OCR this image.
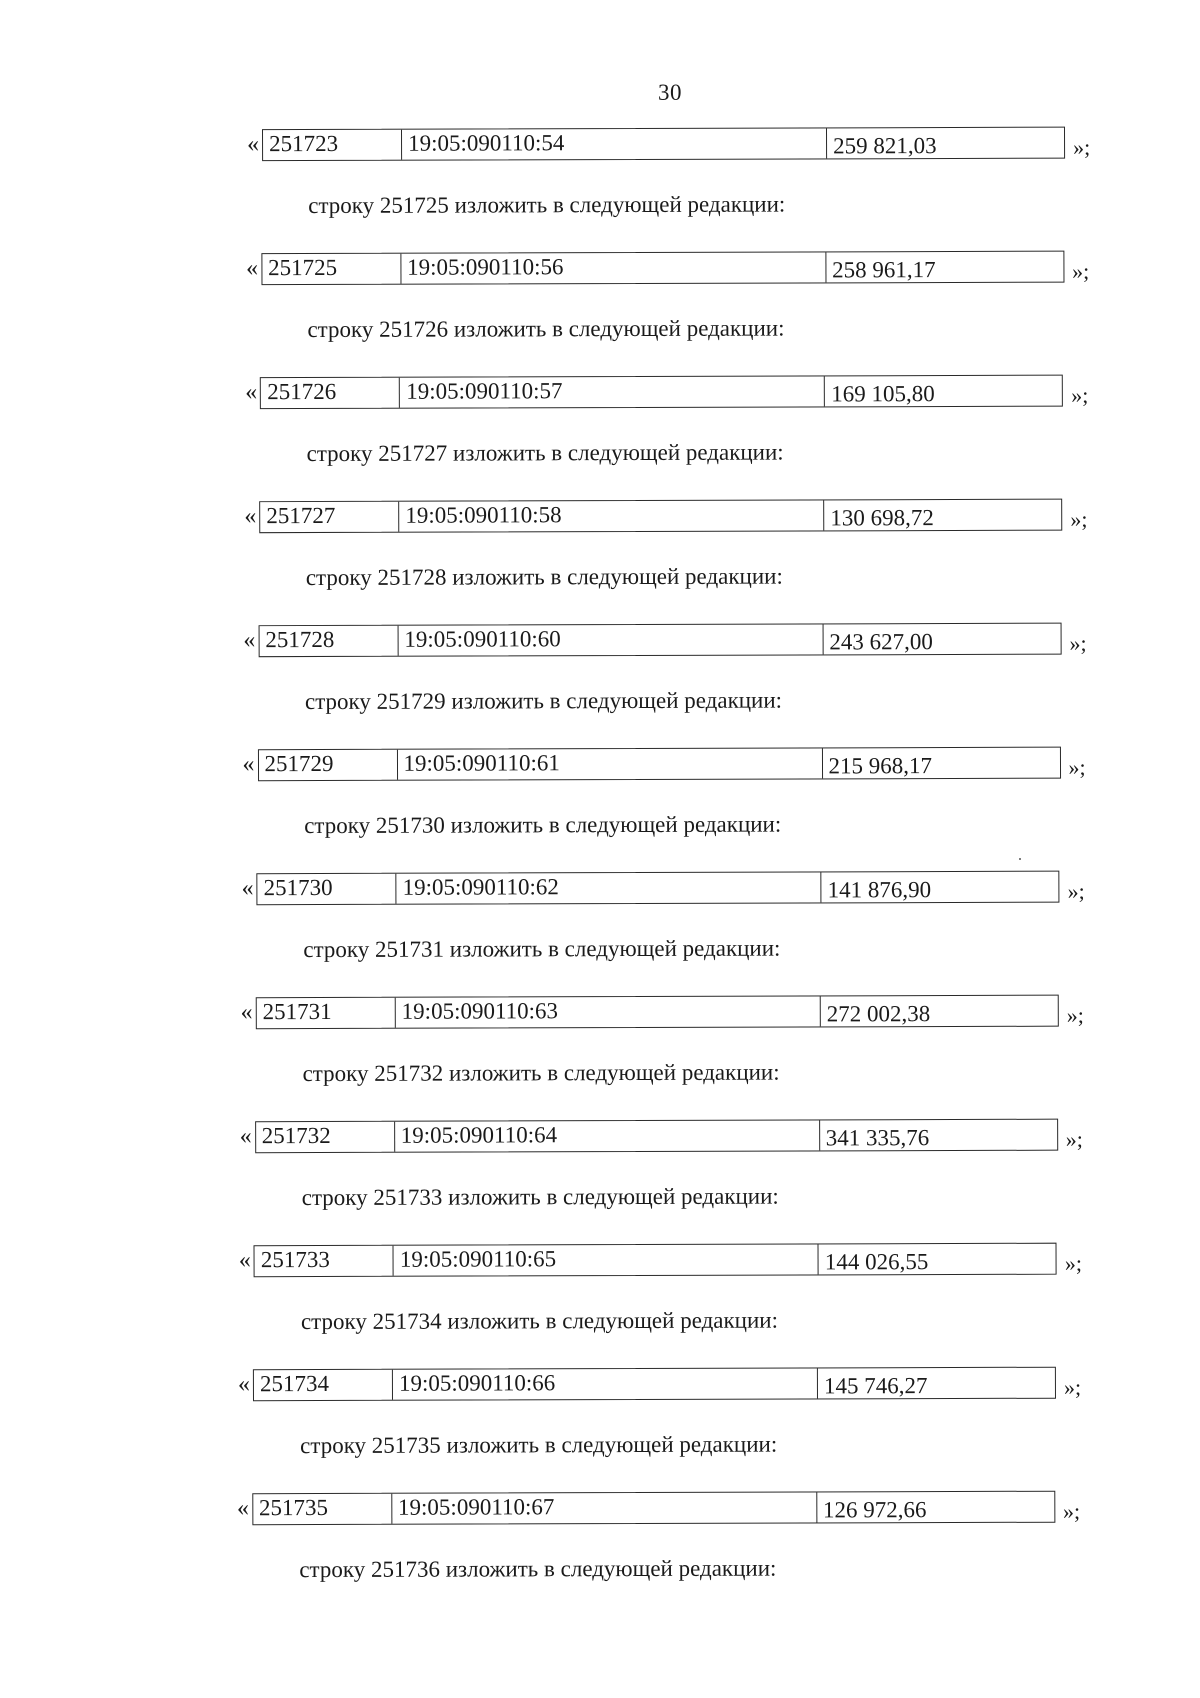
30
« 251723	19:05:090110:54	259 821,03	»;
строку 251725 изложить в следующей редакции:
« 251725	19:05:090110:56	258 961,17	»;
строку 251726 изложить в следующей редакции:
« 251726	19:05:090110:57	169 105,80	»;
строку 251727 изложить в следующей редакции:
« 251727	19:05:090110:58	130 698,72	»;
строку 251728 изложить в следующей редакции:
« 251728	19:05:090110:60	243 627,00	»;
строку 251729 изложить в следующей редакции:
« 251729	19:05:090110:61	215 968,17	»;
строку 251730 изложить в следующей редакции:
« 251730	19:05:090110:62	141 876,90	»;
строку 251731 изложить в следующей редакции:
« 251731	19:05:090110:63	272 002,38	»;
строку 251732 изложить в следующей редакции:
« 251732	19:05:090110:64	341 335,76	»;
строку 251733 изложить в следующей редакции:
« 251733	19:05:090110:65	144 026,55	»;
строку 251734 изложить в следующей редакции:
« 251734	19:05:090110:66	145 746,27	»;
строку 251735 изложить в следующей редакции:
« 251735	19:05:090110:67	126 972,66	»;
строку 251736 изложить в следующей редакции:
